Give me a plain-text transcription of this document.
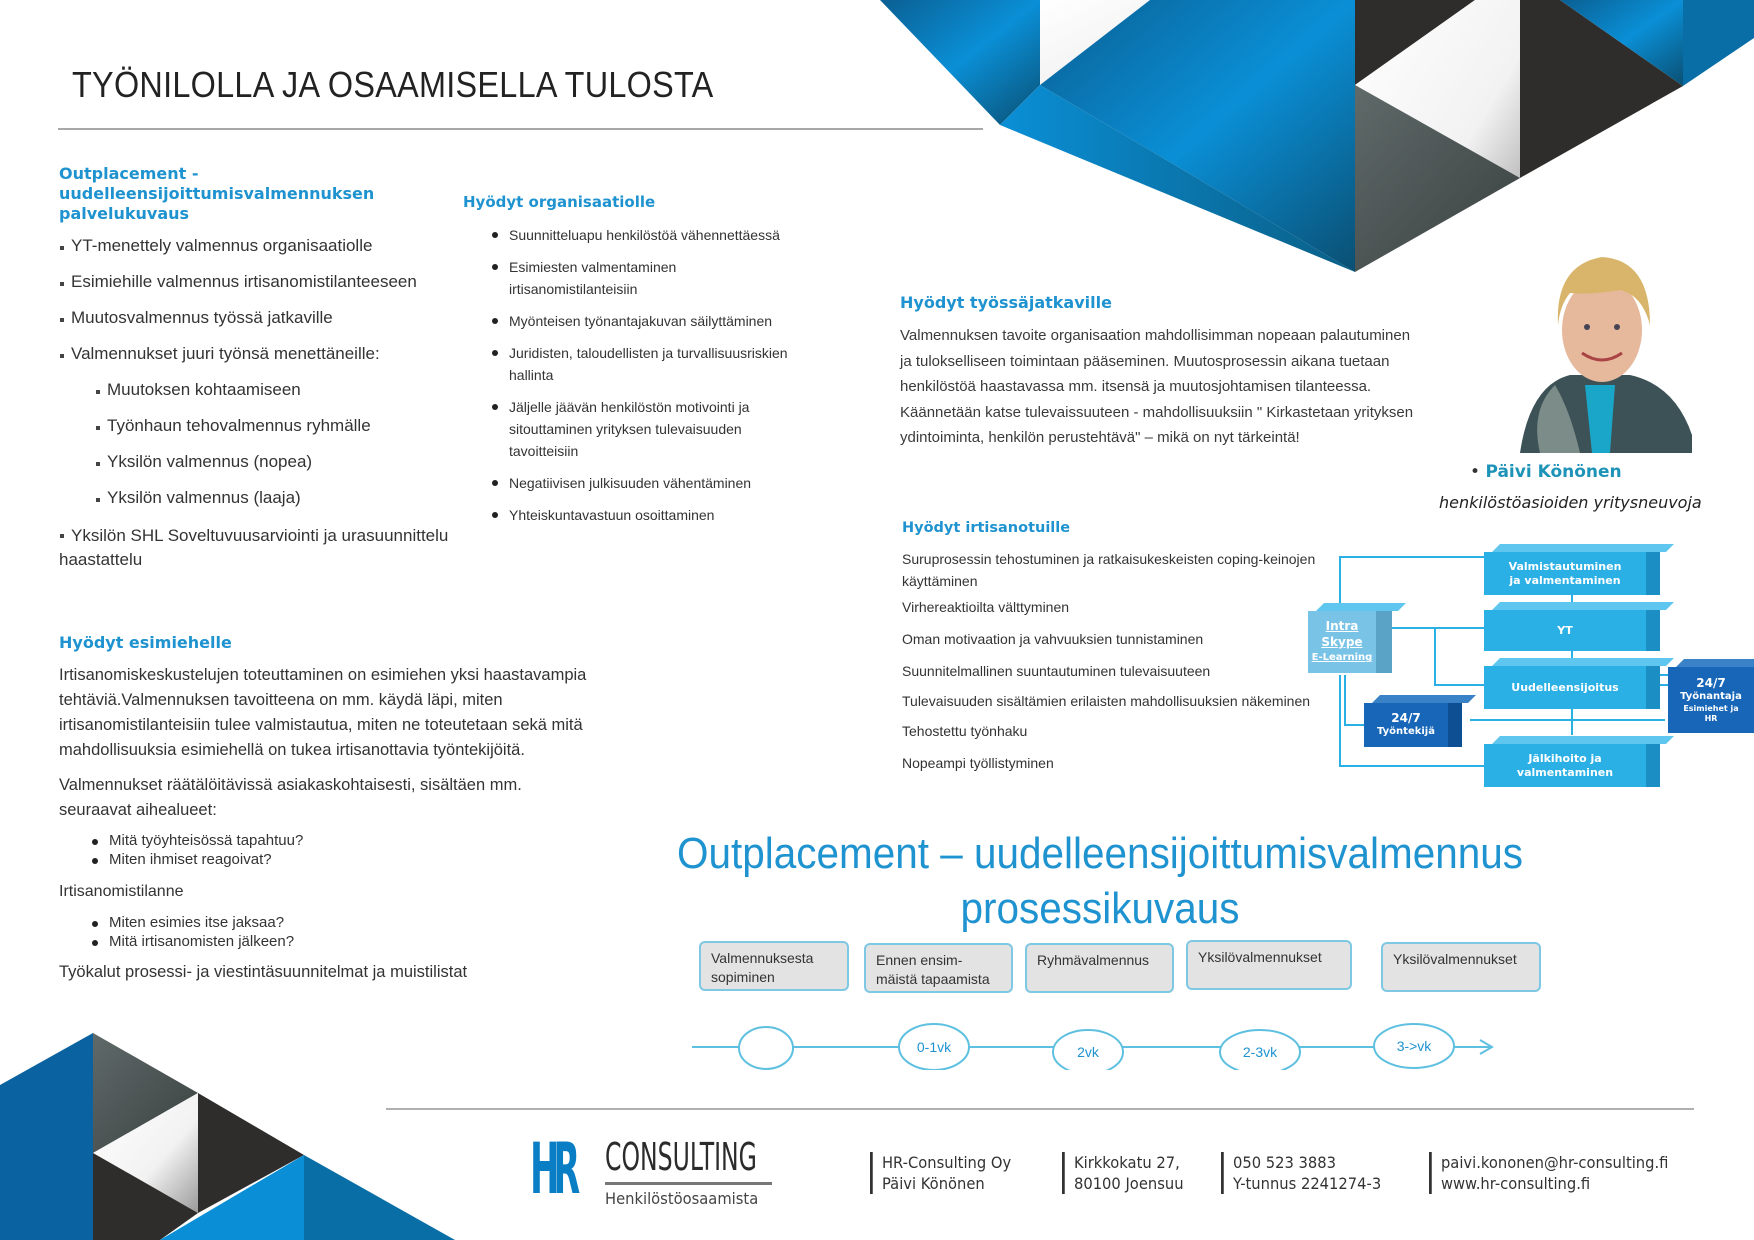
TYÖNILOLLA JA OSAAMISELLA TULOSTA
Outplacement -
uudelleensijoittumisvalmennuksen
palvelukuvaus
YT-menettely valmennus organisaatiolle
Esimiehille valmennus irtisanomistilanteeseen
Muutosvalmennus työssä jatkaville
Valmennukset juuri työnsä menettäneille:
Muutoksen kohtaamiseen
Työnhaun tehovalmennus ryhmälle
Yksilön valmennus (nopea)
Yksilön valmennus (laaja)
Yksilön SHL Soveltuvuusarviointi ja urasuunnittelu
haastattelu
Hyödyt organisaatiolle
Suunnitteluapu henkilöstöä vähennettäessä
Esimiesten valmentaminen irtisanomistilanteisiin
Myönteisen työnantajakuvan säilyttäminen
Juridisten, taloudellisten ja turvallisuusriskien hallinta
Jäljelle jäävän henkilöstön motivointi ja sitouttaminen yrityksen tulevaisuuden tavoitteisiin
Negatiivisen julkisuuden vähentäminen
Yhteiskuntavastuun osoittaminen
Hyödyt esimiehelle

Irtisanomiskeskustelujen toteuttaminen on esimiehen yksi haastavampia tehtäviä.Valmennuksen tavoitteena on mm. käydä läpi, miten irtisanomistilanteisiin tulee valmistautua, miten ne toteutetaan sekä mitä mahdollisuuksia esimiehellä on tukea irtisanottavia työntekijöitä.

Valmennukset räätälöitävissä asiakaskohtaisesti, sisältäen mm. seuraavat aihealueet:

Mitä työyhteisössä tapahtuu?
Miten ihmiset reagoivat?
Irtisanomistilanne
Miten esimies itse jaksaa?
Mitä irtisanomisten jälkeen?
Työkalut prosessi- ja viestintäsuunnitelmat ja muistilistat
Hyödyt työssäjatkaville
Valmennuksen tavoite organisaation mahdollisimman nopeaan palautuminen
ja tulokselliseen toimintaan pääseminen. Muutosprosessin aikana tuetaan
henkilöstöä haastavassa mm. itsensä ja muutosjohtamisen tilanteessa.
Käännetään katse tulevaissuuteen - mahdollisuuksiin " Kirkastetaan yrityksen
ydintoiminta, henkilön perustehtävä" – mikä on nyt tärkeintä!
• Päivi Könönen
henkilöstöasioiden yritysneuvoja
Hyödyt irtisanotuille
Suruprosessin tehostuminen ja ratkaisukeskeisten coping-keinojen käyttäminen
Virhereaktioilta välttyminen
Oman motivaation ja vahvuuksien tunnistaminen
Suunnitelmallinen suuntautuminen tulevaisuuteen
Tulevaisuuden sisältämien erilaisten mahdollisuuksien näkeminen
Tehostettu työnhaku
Nopeampi työllistyminen
Intra
Skype
E-Learning
Valmistautuminen
ja valmentaminen
YT
Uudelleensijoitus
Jälkihoito ja
valmentaminen
24/7
Työntekijä
24/7
Työnantaja
Esimiehet ja
HR
Outplacement – uudelleensijoittumisvalmennus
prosessikuvaus
Valmennuksesta
sopiminen
Ennen ensim-
mäistä tapaamista
Ryhmävalmennus	Yksilövalmennukset	Yksilövalmennukset
0-1vk	2vk	2-3vk	3->vk
HR CONSULTING
Henkilöstöosaamista
HR-Consulting Oy
Päivi Könönen
Kirkkokatu 27,
80100 Joensuu
050 523 3883
Y-tunnus 2241274-3
paivi.kononen@hr-consulting.fi
www.hr-consulting.fi
